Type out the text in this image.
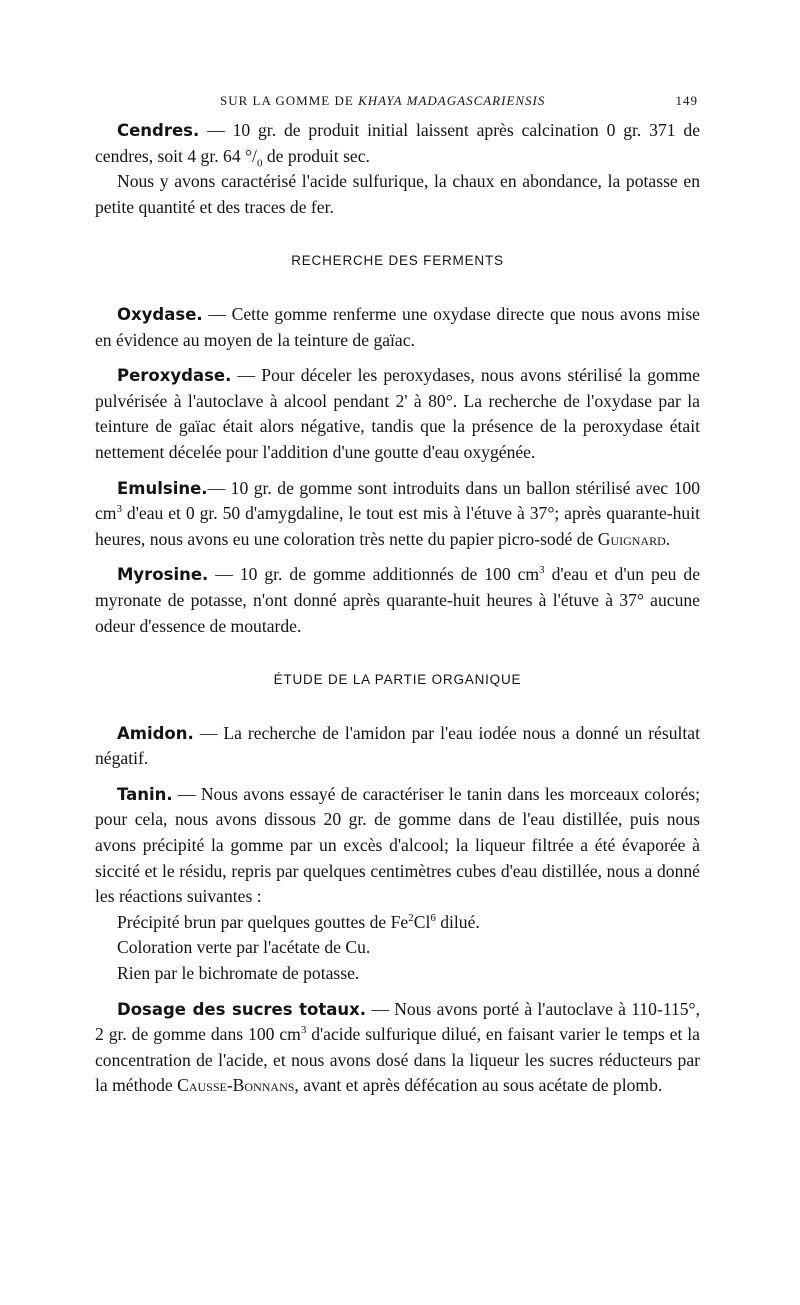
SUR LA GOMME DE KHAYA MADAGASCARIENSIS	149

Cendres. — 10 gr. de produit initial laissent après calcination 0 gr. 371 de cendres, soit 4 gr. 64 $^\circ/_0$ de produit sec.

Nous y avons caractérisé l'acide sulfurique, la chaux en abondance, la potasse en petite quantité et des traces de fer.

RECHERCHE DES FERMENTS

Oxydase. — Cette gomme renferme une oxydase directe que nous avons mise en évidence au moyen de la teinture de gaïac.

Peroxydase. — Pour déceler les peroxydases, nous avons stérilisé la gomme pulvérisée à l'autoclave à alcool pendant 2' à 80°. La recherche de l'oxydase par la teinture de gaïac était alors négative, tandis que la présence de la peroxydase était nettement décelée pour l'addition d'une goutte d'eau oxygénée.

Emulsine.— 10 gr. de gomme sont introduits dans un ballon stérilisé avec 100 $cm^3$ d'eau et 0 gr. 50 d'amygdaline, le tout est mis à l'étuve à 37°; après quarante-huit heures, nous avons eu une coloration très nette du papier picro-sodé de Guignard.

Myrosine. — 10 gr. de gomme additionnés de 100 $cm^3$ d'eau et d'un peu de myronate de potasse, n'ont donné après quarante-huit heures à l'étuve à 37° aucune odeur d'essence de moutarde.

ÉTUDE DE LA PARTIE ORGANIQUE

Amidon. — La recherche de l'amidon par l'eau iodée nous a donné un résultat négatif.

Tanin. — Nous avons essayé de caractériser le tanin dans les morceaux colorés; pour cela, nous avons dissous 20 gr. de gomme dans de l'eau distillée, puis nous avons précipité la gomme par un excès d'alcool; la liqueur filtrée a été évaporée à siccité et le résidu, repris par quelques centimètres cubes d'eau distillée, nous a donné les réactions suivantes :

Précipité brun par quelques gouttes de Fe$^2$Cl$^6$ dilué.

Coloration verte par l'acétate de Cu.

Rien par le bichromate de potasse.

Dosage des sucres totaux. — Nous avons porté à l'autoclave à 110-115°, 2 gr. de gomme dans 100 $cm^3$ d'acide sulfurique dilué, en faisant varier le temps et la concentration de l'acide, et nous avons dosé dans la liqueur les sucres réducteurs par la méthode Causse-Bonnans, avant et après défécation au sous acétate de plomb.
